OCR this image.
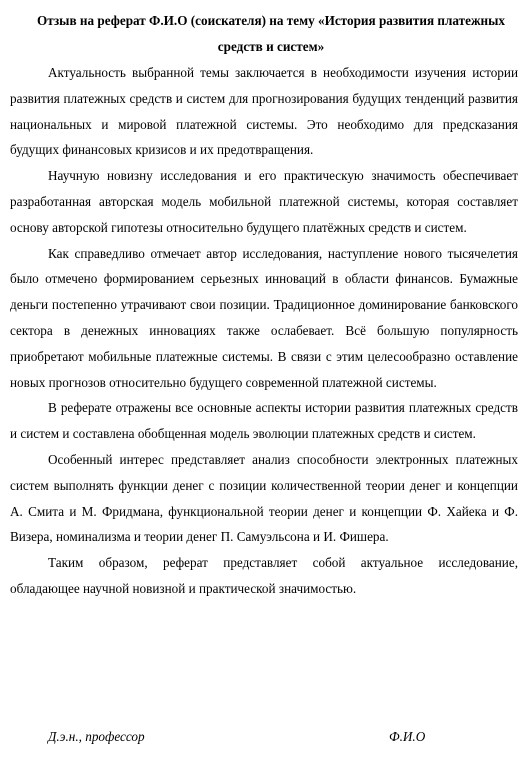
Отзыв на реферат Ф.И.О (соискателя) на тему «История развития платежных средств и систем»

Актуальность выбранной темы заключается в необходимости изучения истории развития платежных средств и систем для прогнозирования будущих тенденций развития национальных и мировой платежной системы. Это необходимо для предсказания будущих финансовых кризисов и их предотвращения.

Научную новизну исследования и его практическую значимость обеспечивает разработанная авторская модель мобильной платежной системы, которая составляет основу авторской гипотезы относительно будущего платёжных средств и систем.

Как справедливо отмечает автор исследования, наступление нового тысячелетия было отмечено формированием серьезных инноваций в области финансов. Бумажные деньги постепенно утрачивают свои позиции. Традиционное доминирование банковского сектора в денежных инновациях также ослабевает. Всё большую популярность приобретают мобильные платежные системы. В связи с этим целесообразно оставление новых прогнозов относительно будущего современной платежной системы.

В реферате отражены все основные аспекты истории развития платежных средств и систем и составлена обобщенная модель эволюции платежных средств и систем.

Особенный интерес представляет анализ способности электронных платежных систем выполнять функции денег с позиции количественной теории денег и концепции А. Смита и М. Фридмана, функциональной теории денег и концепции Ф. Хайека и Ф. Визера, номинализма и теории денег П. Самуэльсона и И. Фишера.

Таким образом, реферат представляет собой актуальное исследование, обладающее научной новизной и практической значимостью.

Д.э.н., профессор	Ф.И.О
